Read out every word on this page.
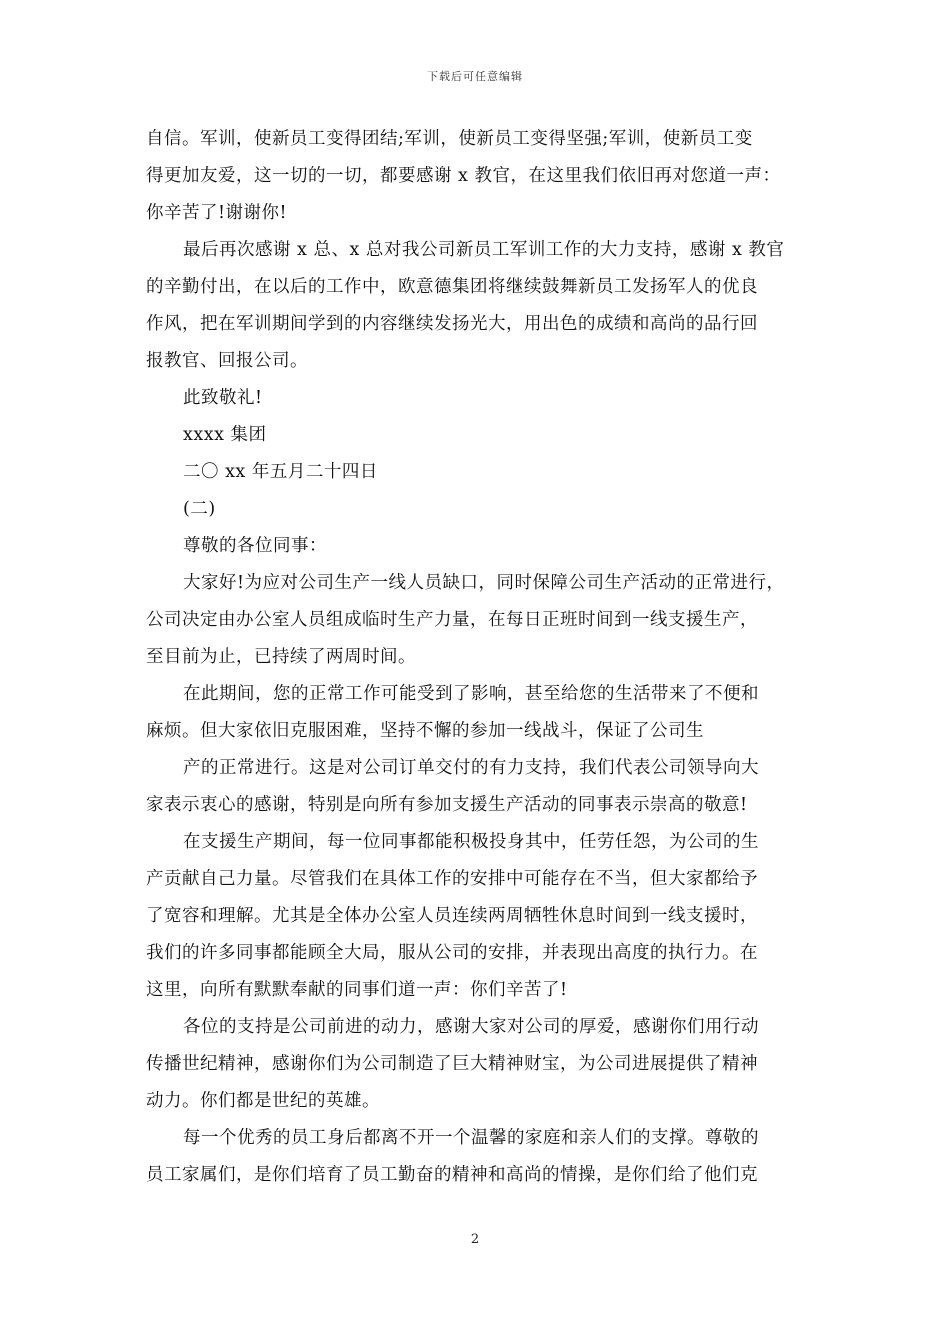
下载后可任意编辑
自信。军训，使新员工变得团结;军训，使新员工变得坚强;军训，使新员工变
得更加友爱，这一切的一切，都要感谢 x 教官，在这里我们依旧再对您道一声：
你辛苦了!谢谢你!
最后再次感谢 x 总、x 总对我公司新员工军训工作的大力支持，感谢 x 教官
的辛勤付出，在以后的工作中，欧意德集团将继续鼓舞新员工发扬军人的优良
作风，把在军训期间学到的内容继续发扬光大，用出色的成绩和高尚的品行回
报教官、回报公司。
此致敬礼!
xxxx 集团
二〇 xx 年五月二十四日
(二)
尊敬的各位同事：
大家好!为应对公司生产一线人员缺口，同时保障公司生产活动的正常进行，
公司决定由办公室人员组成临时生产力量，在每日正班时间到一线支援生产，
至目前为止，已持续了两周时间。
在此期间，您的正常工作可能受到了影响，甚至给您的生活带来了不便和
麻烦。但大家依旧克服困难，坚持不懈的参加一线战斗，保证了公司生
产的正常进行。这是对公司订单交付的有力支持，我们代表公司领导向大
家表示衷心的感谢，特别是向所有参加支援生产活动的同事表示崇高的敬意!
在支援生产期间，每一位同事都能积极投身其中，任劳任怨，为公司的生
产贡献自己力量。尽管我们在具体工作的安排中可能存在不当，但大家都给予
了宽容和理解。尤其是全体办公室人员连续两周牺牲休息时间到一线支援时，
我们的许多同事都能顾全大局，服从公司的安排，并表现出高度的执行力。在
这里，向所有默默奉献的同事们道一声：你们辛苦了!
各位的支持是公司前进的动力，感谢大家对公司的厚爱，感谢你们用行动
传播世纪精神，感谢你们为公司制造了巨大精神财宝，为公司进展提供了精神
动力。你们都是世纪的英雄。
每一个优秀的员工身后都离不开一个温馨的家庭和亲人们的支撑。尊敬的
员工家属们，是你们培育了员工勤奋的精神和高尚的情操，是你们给了他们克
2
